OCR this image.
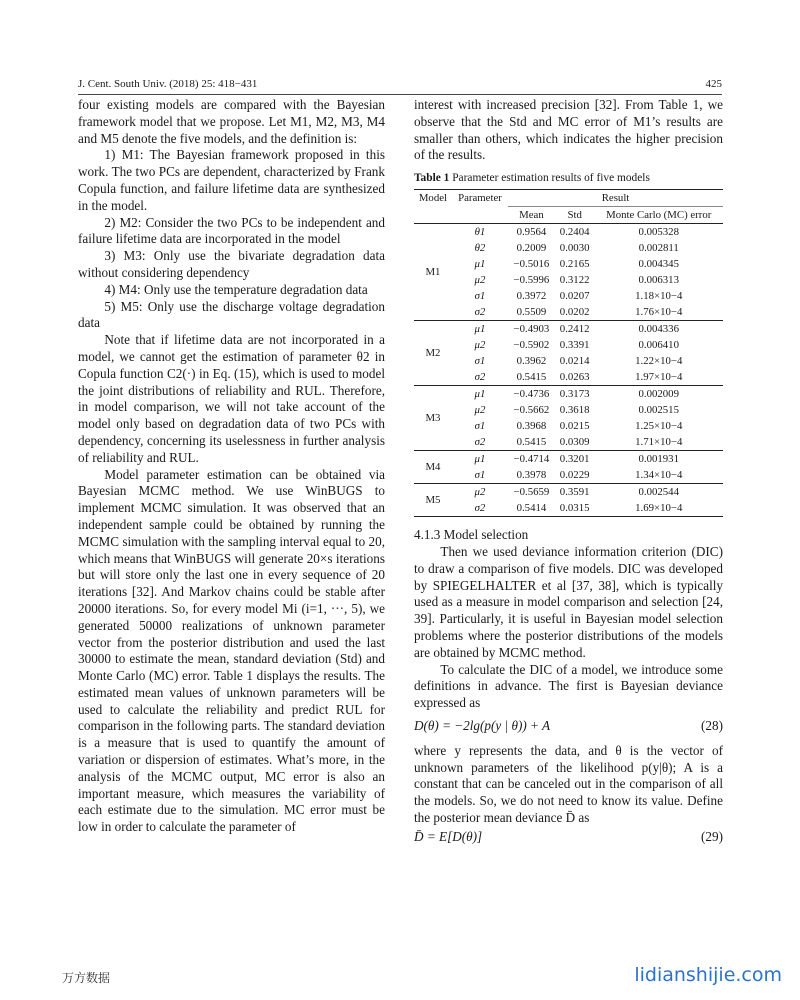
J. Cent. South Univ. (2018) 25: 418−431	425

four existing models are compared with the Bayesian framework model that we propose. Let M1, M2, M3, M4 and M5 denote the five models, and the definition is:

1) M1: The Bayesian framework proposed in this work. The two PCs are dependent, characterized by Frank Copula function, and failure lifetime data are synthesized in the model.

2) M2: Consider the two PCs to be independent and failure lifetime data are incorporated in the model

3) M3: Only use the bivariate degradation data without considering dependency

4) M4: Only use the temperature degradation data

5) M5: Only use the discharge voltage degradation data

Note that if lifetime data are not incorporated in a model, we cannot get the estimation of parameter θ2 in Copula function C2(·) in Eq. (15), which is used to model the joint distributions of reliability and RUL. Therefore, in model comparison, we will not take account of the model only based on degradation data of two PCs with dependency, concerning its uselessness in further analysis of reliability and RUL.

Model parameter estimation can be obtained via Bayesian MCMC method. We use WinBUGS to implement MCMC simulation. It was observed that an independent sample could be obtained by running the MCMC simulation with the sampling interval equal to 20, which means that WinBUGS will generate 20×s iterations but will store only the last one in every sequence of 20 iterations [32]. And Markov chains could be stable after 20000 iterations. So, for every model Mi (i=1, ···, 5), we generated 50000 realizations of unknown parameter vector from the posterior distribution and used the last 30000 to estimate the mean, standard deviation (Std) and Monte Carlo (MC) error. Table 1 displays the results. The estimated mean values of unknown parameters will be used to calculate the reliability and predict RUL for comparison in the following parts. The standard deviation is a measure that is used to quantify the amount of variation or dispersion of estimates. What’s more, in the analysis of the MCMC output, MC error is also an important measure, which measures the variability of each estimate due to the simulation. MC error must be low in order to calculate the parameter of

interest with increased precision [32]. From Table 1, we observe that the Std and MC error of M1’s results are smaller than others, which indicates the higher precision of the results.

Table 1 Parameter estimation results of five models
Model	Parameter	Result		
		Mean	Std	Monte Carlo (MC) error
M1	θ1	0.9564	0.2404	0.005328
	θ2	0.2009	0.0030	0.002811
	μ1	−0.5016	0.2165	0.004345
	μ2	−0.5996	0.3122	0.006313
	σ1	0.3972	0.0207	1.18×10−4
	σ2	0.5509	0.0202	1.76×10−4
M2	μ1	−0.4903	0.2412	0.004336
	μ2	−0.5902	0.3391	0.006410
	σ1	0.3962	0.0214	1.22×10−4
	σ2	0.5415	0.0263	1.97×10−4
M3	μ1	−0.4736	0.3173	0.002009
	μ2	−0.5662	0.3618	0.002515
	σ1	0.3968	0.0215	1.25×10−4
	σ2	0.5415	0.0309	1.71×10−4
M4	μ1	−0.4714	0.3201	0.001931
	σ1	0.3978	0.0229	1.34×10−4
M5	μ2	−0.5659	0.3591	0.002544
	σ2	0.5414	0.0315	1.69×10−4
4.1.3 Model selection

Then we used deviance information criterion (DIC) to draw a comparison of five models. DIC was developed by SPIEGELHALTER et al [37, 38], which is typically used as a measure in model comparison and selection [24, 39]. Particularly, it is useful in Bayesian model selection problems where the posterior distributions of the models are obtained by MCMC method.

To calculate the DIC of a model, we introduce some definitions in advance. The first is Bayesian deviance expressed as

D(θ) = −2lg(p(y | θ)) + A	(28)

where y represents the data, and θ is the vector of unknown parameters of the likelihood p(y|θ); A is a constant that can be canceled out in the comparison of all the models. So, we do not need to know its value. Define the posterior mean deviance D̄ as

D̄ = E[D(θ)]	(29)
万方数据	lidianshijie.com
